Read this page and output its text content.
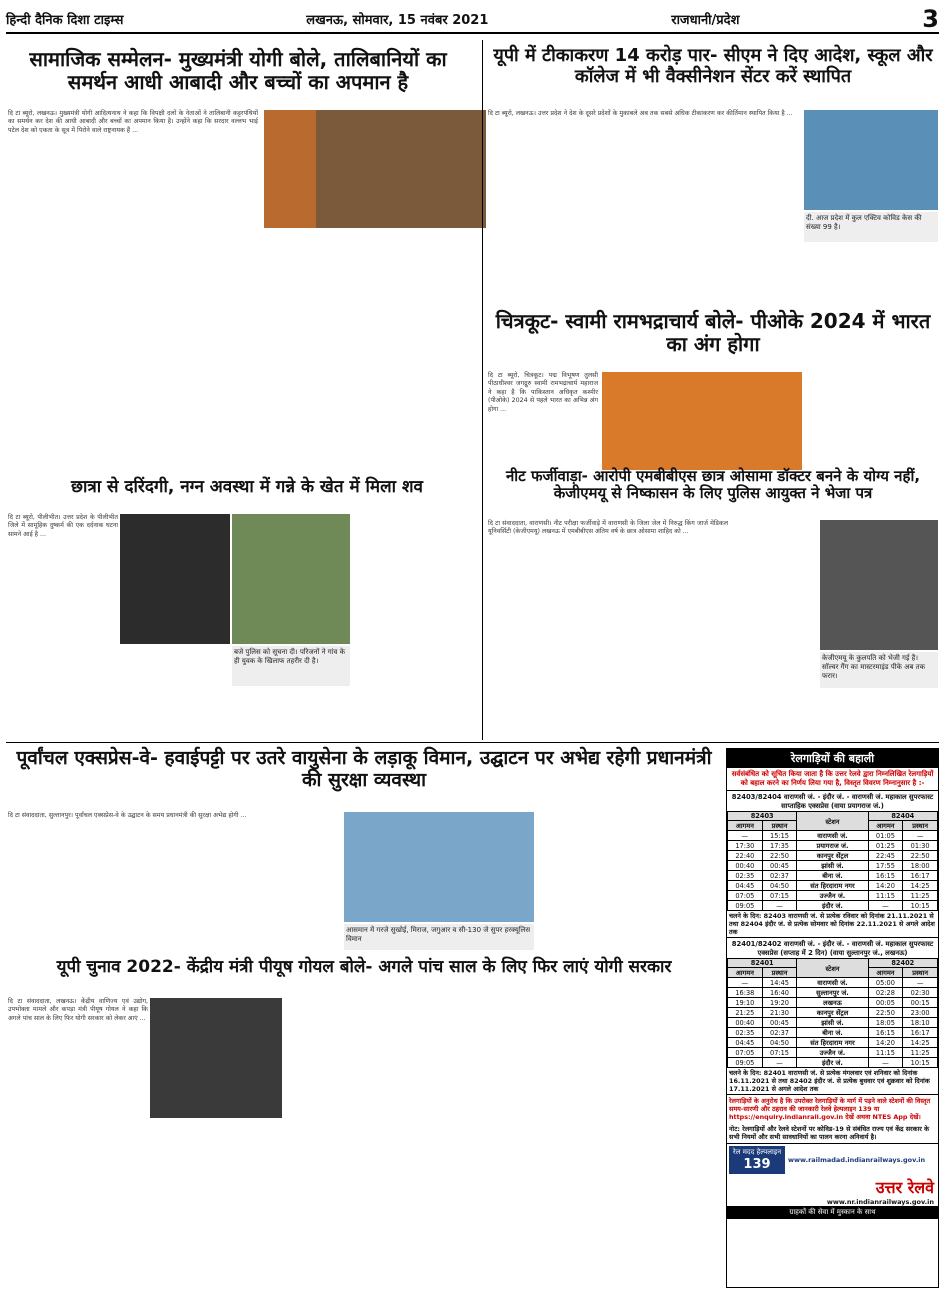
हिन्दी दैनिक दिशा टाइम्स	लखनऊ, सोमवार, 15 नवंबर 2021	राजधानी/प्रदेश	3
सामाजिक सम्मेलन- मुख्यमंत्री योगी बोले, तालिबानियों का समर्थन आधी आबादी और बच्चों का अपमान है
दि टा ब्यूरो, लखनऊ। मुख्यमंत्री योगी आदित्यनाथ ने कहा कि विपक्षी दलों के नेताओं ने तालिबानी कट्टरपंथियों का समर्थन कर देश की आधी आबादी और बच्चों का अपमान किया है। उन्होंने कहा कि सरदार वल्लभ भाई पटेल देश को एकता के सूत्र में पिरोने वाले राष्ट्रनायक हैं ...
यूपी में टीकाकरण 14 करोड़ पार- सीएम ने दिए आदेश, स्कूल और कॉलेज में भी वैक्सीनेशन सेंटर करें स्थापित
दि टा ब्यूरो, लखनऊ। उत्तर प्रदेश ने देश के दूसरे प्रदेशों के मुकाबले अब तक सबसे अधिक टीकाकरण कर कीर्तिमान स्थापित किया है ...
दी. आज प्रदेश में कुल एक्टिव कोविड केस की संख्या 99 है।
चित्रकूट- स्वामी रामभद्राचार्य बोले- पीओके 2024 में भारत का अंग होगा
दि टा ब्यूरो, चित्रकूट। पद्म विभूषण तुलसी पीठाधीश्वर जगद्गुरु स्वामी रामभद्राचार्य महाराज ने कहा है कि पाकिस्तान अधिकृत कश्मीर (पीओके) 2024 से पहले भारत का अभिन्न अंग होगा ...
नीट फर्जीवाड़ा- आरोपी एमबीबीएस छात्र ओसामा डॉक्टर बनने के योग्य नहीं, केजीएमयू से निष्कासन के लिए पुलिस आयुक्त ने भेजा पत्र
दि टा संवाददाता, वाराणसी। नीट परीक्षा फर्जीवाड़े में वाराणसी के जिला जेल में निरुद्ध किंग जार्ज मेडिकल यूनिवर्सिटी (केजीएमयू) लखनऊ में एमबीबीएस अंतिम वर्ष के छात्र ओसामा शाहिद को ...
केजीएमयू के कुलपति को भेजी गई है। सॉल्वर गैंग का मास्टरमाइंड पीके अब तक फरार।
छात्रा से दरिंदगी, नग्न अवस्था में गन्ने के खेत में मिला शव
दि टा ब्यूरो, पीलीभीत। उत्तर प्रदेश के पीलीभीत जिले में सामूहिक दुष्कर्म की एक दर्दनाक घटना सामने आई है ...
बजे पुलिस को सूचना दी। परिजनों ने गांव के ही युवक के खिलाफ तहरीर दी है।
पूर्वांचल एक्सप्रेस-वे- हवाईपट्टी पर उतरे वायुसेना के लड़ाकू विमान, उद्घाटन पर अभेद्य रहेगी प्रधानमंत्री की सुरक्षा व्यवस्था
दि टा संवाददाता, सुल्तानपुर। पूर्वांचल एक्सप्रेस-वे के उद्घाटन के समय प्रधानमंत्री की सुरक्षा अभेद्य होगी ...
आसमान में गरजे सुखोई, मिराज, जगुआर व सी-130 जे सुपर हरक्यूलिस विमान
यूपी चुनाव 2022- केंद्रीय मंत्री पीयूष गोयल बोले- अगले पांच साल के लिए फिर लाएं योगी सरकार
दि टा संवाददाता, लखनऊ। केंद्रीय वाणिज्य एवं उद्योग, उपभोक्ता मामले और कपड़ा मंत्री पीयूष गोयल ने कहा कि अगले पांच साल के लिए फिर योगी सरकार को लेकर आएं ...
रेलगाड़ियों की बहाली
सर्वसंबंधित को सूचित किया जाता है कि उत्तर रेलवे द्वारा निम्नलिखित रेलगाड़ियों को बहाल करने का निर्णय लिया गया है, विस्तृत विवरण निम्नानुसार है :-
82403/82404 वाराणसी जं. - इंदौर जं. - वाराणसी जं. महाकाल सुपरफास्ट साप्ताहिक एक्सप्रेस (वाया प्रयागराज जं.)
82403		स्टेशन	82404	
आगमन	प्रस्थान		आगमन	प्रस्थान
—	15:15	वाराणसी जं.	01:05	—
17:30	17:35	प्रयागराज जं.	01:25	01:30
22:40	22:50	कानपुर सेंट्रल	22:45	22:50
00:40	00:45	झांसी जं.	17:55	18:00
02:35	02:37	बीना जं.	16:15	16:17
04:45	04:50	संत हिरदाराम नगर	14:20	14:25
07:05	07:15	उज्जैन जं.	11:15	11:25
09:05	—	इंदौर जं.	—	10:15
चलने के दिन: 82403 वाराणसी जं. से प्रत्येक रविवार को दिनांक 21.11.2021 से तथा 82404 इंदौर जं. से प्रत्येक सोमवार को दिनांक 22.11.2021 से अगले आदेश तक
82401/82402 वाराणसी जं. - इंदौर जं. - वाराणसी जं. महाकाल सुपरफास्ट एक्सप्रेस (सप्ताह में 2 दिन) (वाया सुल्तानपुर जं., लखनऊ)
82401		स्टेशन	82402	
आगमन	प्रस्थान		आगमन	प्रस्थान
—	14:45	वाराणसी जं.	05:00	—
16:38	16:40	सुल्तानपुर जं.	02:28	02:30
19:10	19:20	लखनऊ	00:05	00:15
21:25	21:30	कानपुर सेंट्रल	22:50	23:00
00:40	00:45	झांसी जं.	18:05	18:10
02:35	02:37	बीना जं.	16:15	16:17
04:45	04:50	संत हिरदाराम नगर	14:20	14:25
07:05	07:15	उज्जैन जं.	11:15	11:25
09:05	—	इंदौर जं.	—	10:15
चलने के दिन: 82401 वाराणसी जं. से प्रत्येक मंगलवार एवं शनिवार को दिनांक 16.11.2021 से तथा 82402 इंदौर जं. से प्रत्येक बुधवार एवं शुक्रवार को दिनांक 17.11.2021 से अगले आदेश तक
रेलगाड़ियों के अनुरोध है कि उपरोक्त रेलगाड़ियों के मार्ग में पड़ने वाले स्टेशनों की विस्तृत समय-सारणी और ठहराव की जानकारी रेलवे हेल्पलाइन 139 या https://enquiry.indianrail.gov.in देखें अथवा NTES App देखें।
नोट: रेलगाड़ियों और रेलवे स्टेशनों पर कोविड-19 से संबंधित राज्य एवं केंद्र सरकार के सभी नियमों और सभी सावधानियों का पालन करना अनिवार्य है।
रेल मदद हेल्पलाइन
139	www.railmadad.indianrailways.gov.in
उत्तर रेलवे
www.nr.indianrailways.gov.in
ग्राहकों की सेवा में मुस्कान के साथ
